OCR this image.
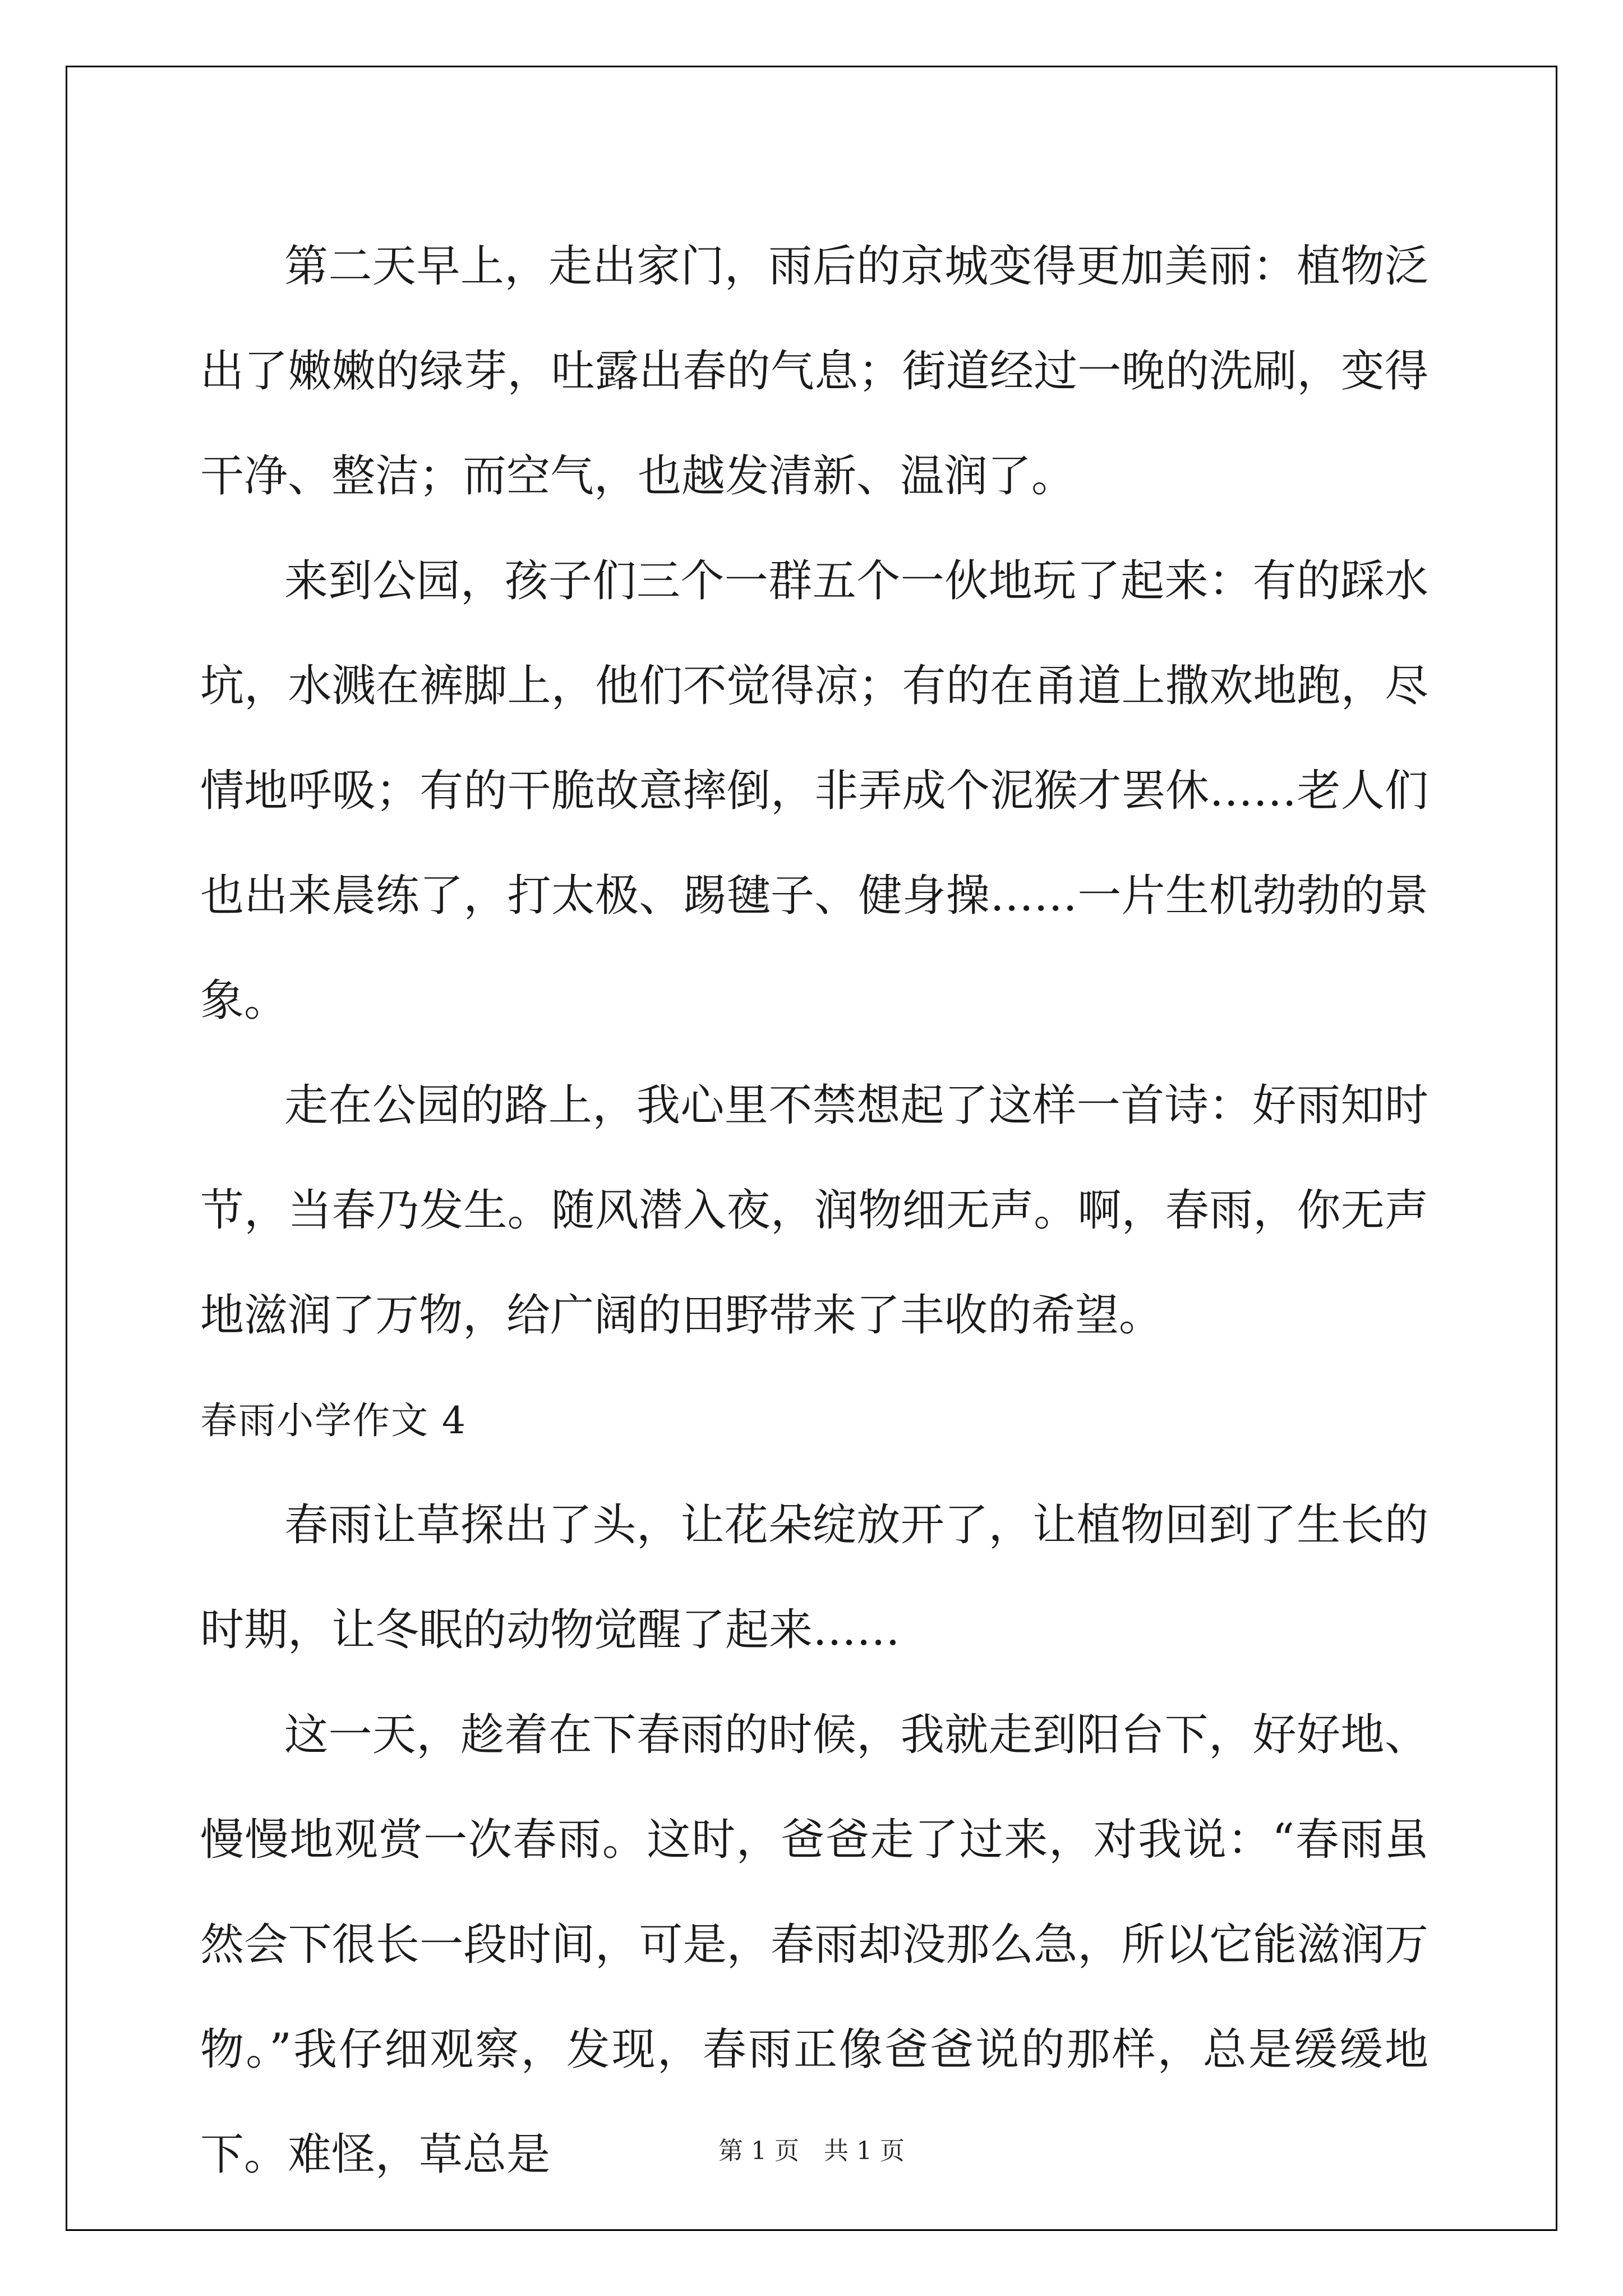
第二天早上，走出家门，雨后的京城变得更加美丽：植物泛出了嫩嫩的绿芽，吐露出春的气息；街道经过一晚的洗刷，变得干净、整洁；而空气，也越发清新、温润了。

来到公园，孩子们三个一群五个一伙地玩了起来：有的踩水坑，水溅在裤脚上，他们不觉得凉；有的在甬道上撒欢地跑，尽情地呼吸；有的干脆故意摔倒，非弄成个泥猴才罢休……老人们也出来晨练了，打太极、踢毽子、健身操……一片生机勃勃的景象。

走在公园的路上，我心里不禁想起了这样一首诗：好雨知时节，当春乃发生。随风潜入夜，润物细无声。啊，春雨，你无声地滋润了万物，给广阔的田野带来了丰收的希望。

春雨小学作文 4

春雨让草探出了头，让花朵绽放开了，让植物回到了生长的时期，让冬眠的动物觉醒了起来……

这一天，趁着在下春雨的时候，我就走到阳台下，好好地、慢慢地观赏一次春雨。这时，爸爸走了过来，对我说：“春雨虽然会下很长一段时间，可是，春雨却没那么急，所以它能滋润万物。”我仔细观察，发现，春雨正像爸爸说的那样，总是缓缓地下。难怪，草总是	第 1 页　共 1 页
